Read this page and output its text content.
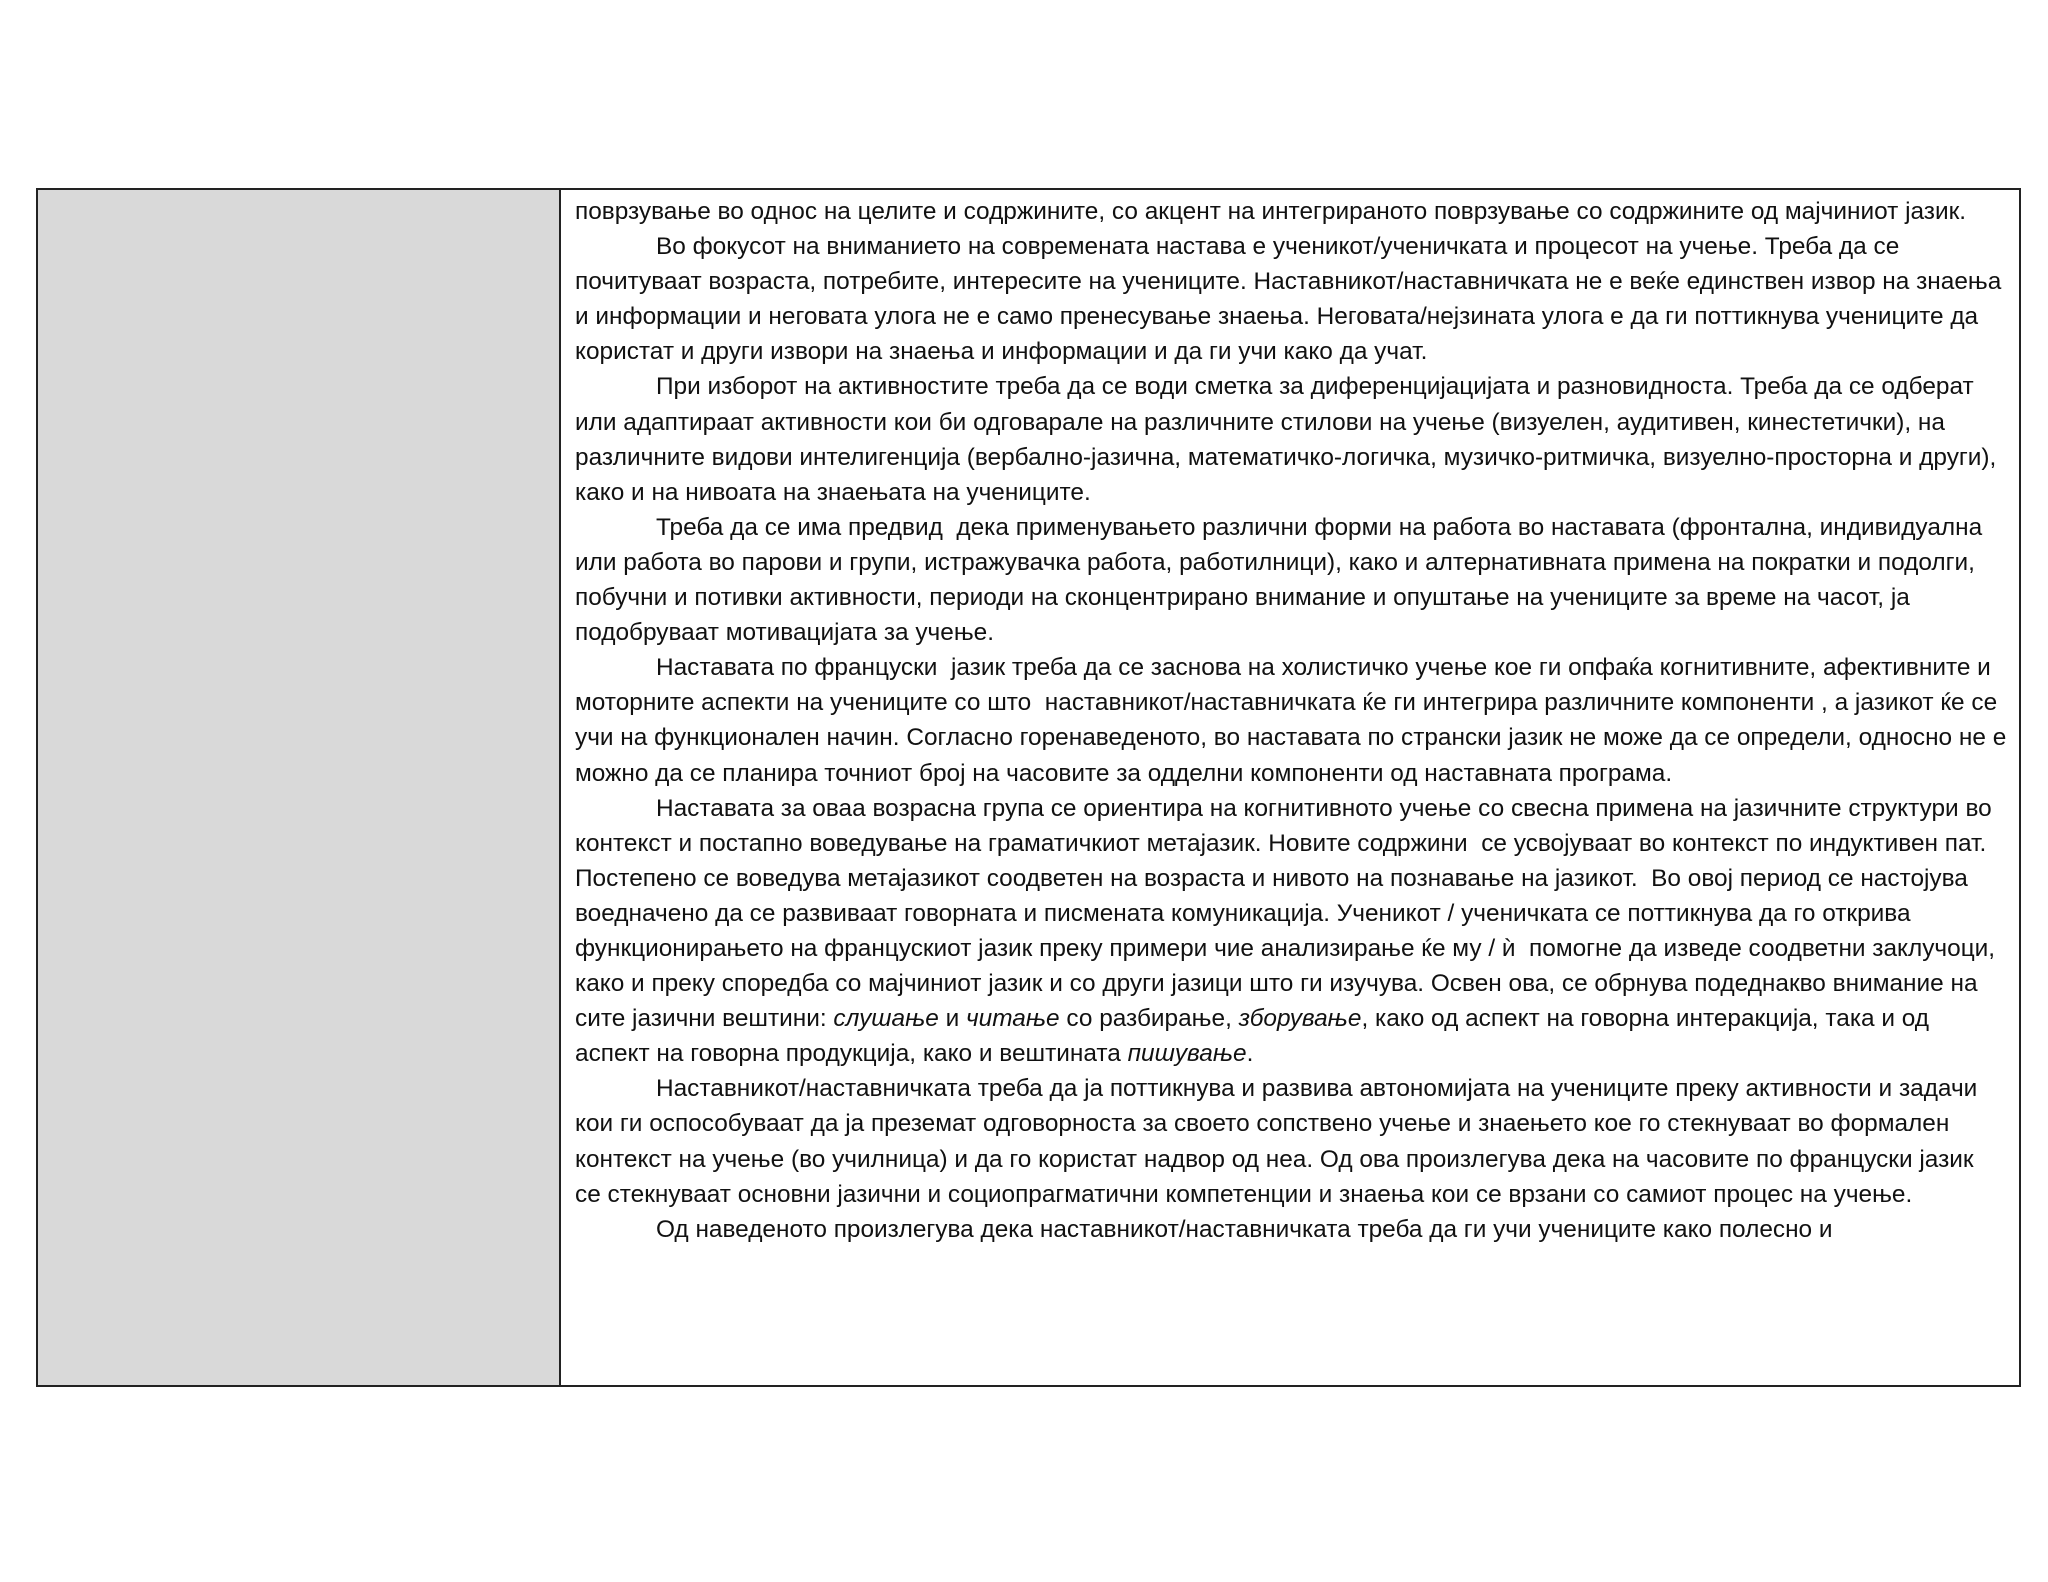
поврзување во однос на целите и содржините, со акцент на интегрираното поврзување со содржините од мајчиниот јазик.

Во фокусот на вниманието на современата настава е ученикот/ученичката и процесот на учење. Треба да се почитуваат возраста, потребите, интересите на учениците. Наставникот/наставничката не е веќе единствен извор на знаења и информации и неговата улога не е само пренесување знаења. Неговата/нејзината улога е да ги поттикнува учениците да користат и други извори на знаења и информации и да ги учи како да учат.

При изборот на активностите треба да се води сметка за диференцијацијата и разновидноста. Треба да се одберат или адаптираат активности кои би одговарале на различните стилови на учење (визуелен, аудитивен, кинестетички), на различните видови интелигенција (вербално-јазична, математичко-логичка, музичко-ритмичка, визуелно-просторна и други), како и на нивоата на знаењата на учениците.

Треба да се има предвид  дека применувањето различни форми на работа во наставата (фронтална, индивидуална или работа во парови и групи, истражувачка работа, работилници), како и алтернативната примена на пократки и подолги, побучни и потивки активности, периоди на сконцентрирано внимание и опуштање на учениците за време на часот, ја подобруваат мотивацијата за учење.

Наставата по француски  јазик треба да се заснова на холистичко учење кое ги опфаќа когнитивните, афективните и моторните аспекти на учениците со што  наставникот/наставничката ќе ги интегрира различните компоненти , а јазикот ќе се учи на функционален начин. Согласно горенаведеното, во наставата по странски јазик не може да се определи, односно не е можно да се планира точниот број на часовите за одделни компоненти од наставната програма.

Наставата за оваа возрасна група се ориентира на когнитивното учење со свесна примена на јазичните структури во контекст и постапно воведување на граматичкиот метајазик. Новите содржини  се усвојуваат во контекст по индуктивен пат. Постепено се воведува метајазикот соодветен на возраста и нивото на познавање на јазикот.  Во овој период се настојува воедначено да се развиваат говорната и писмената комуникација. Ученикот / ученичката се поттикнува да го открива функционирањето на францускиот јазик преку примери чие анализирање ќе му / ѝ  помогне да изведе соодветни заклучоци, како и преку споредба со мајчиниот јазик и со други јазици што ги изучува. Освен ова, се обрнува подеднакво внимание на сите јазични вештини: слушање и читање со разбирање, зборување, како од аспект на говорна интеракција, така и од аспект на говорна продукција, како и вештината пишување.

Наставникот/наставничката треба да ја поттикнува и развива автономијата на учениците преку активности и задачи кои ги оспособуваат да ја преземат одговорноста за своето сопствено учење и знаењето кое го стекнуваат во формален контекст на учење (во училница) и да го користат надвор од неа. Од ова произлегува дека на часовите по француски јазик  се стекнуваат основни јазични и социопрагматични компетенции и знаења кои се врзани со самиот процес на учење.

Од наведеното произлегува дека наставникот/наставничката треба да ги учи учениците како полесно и
